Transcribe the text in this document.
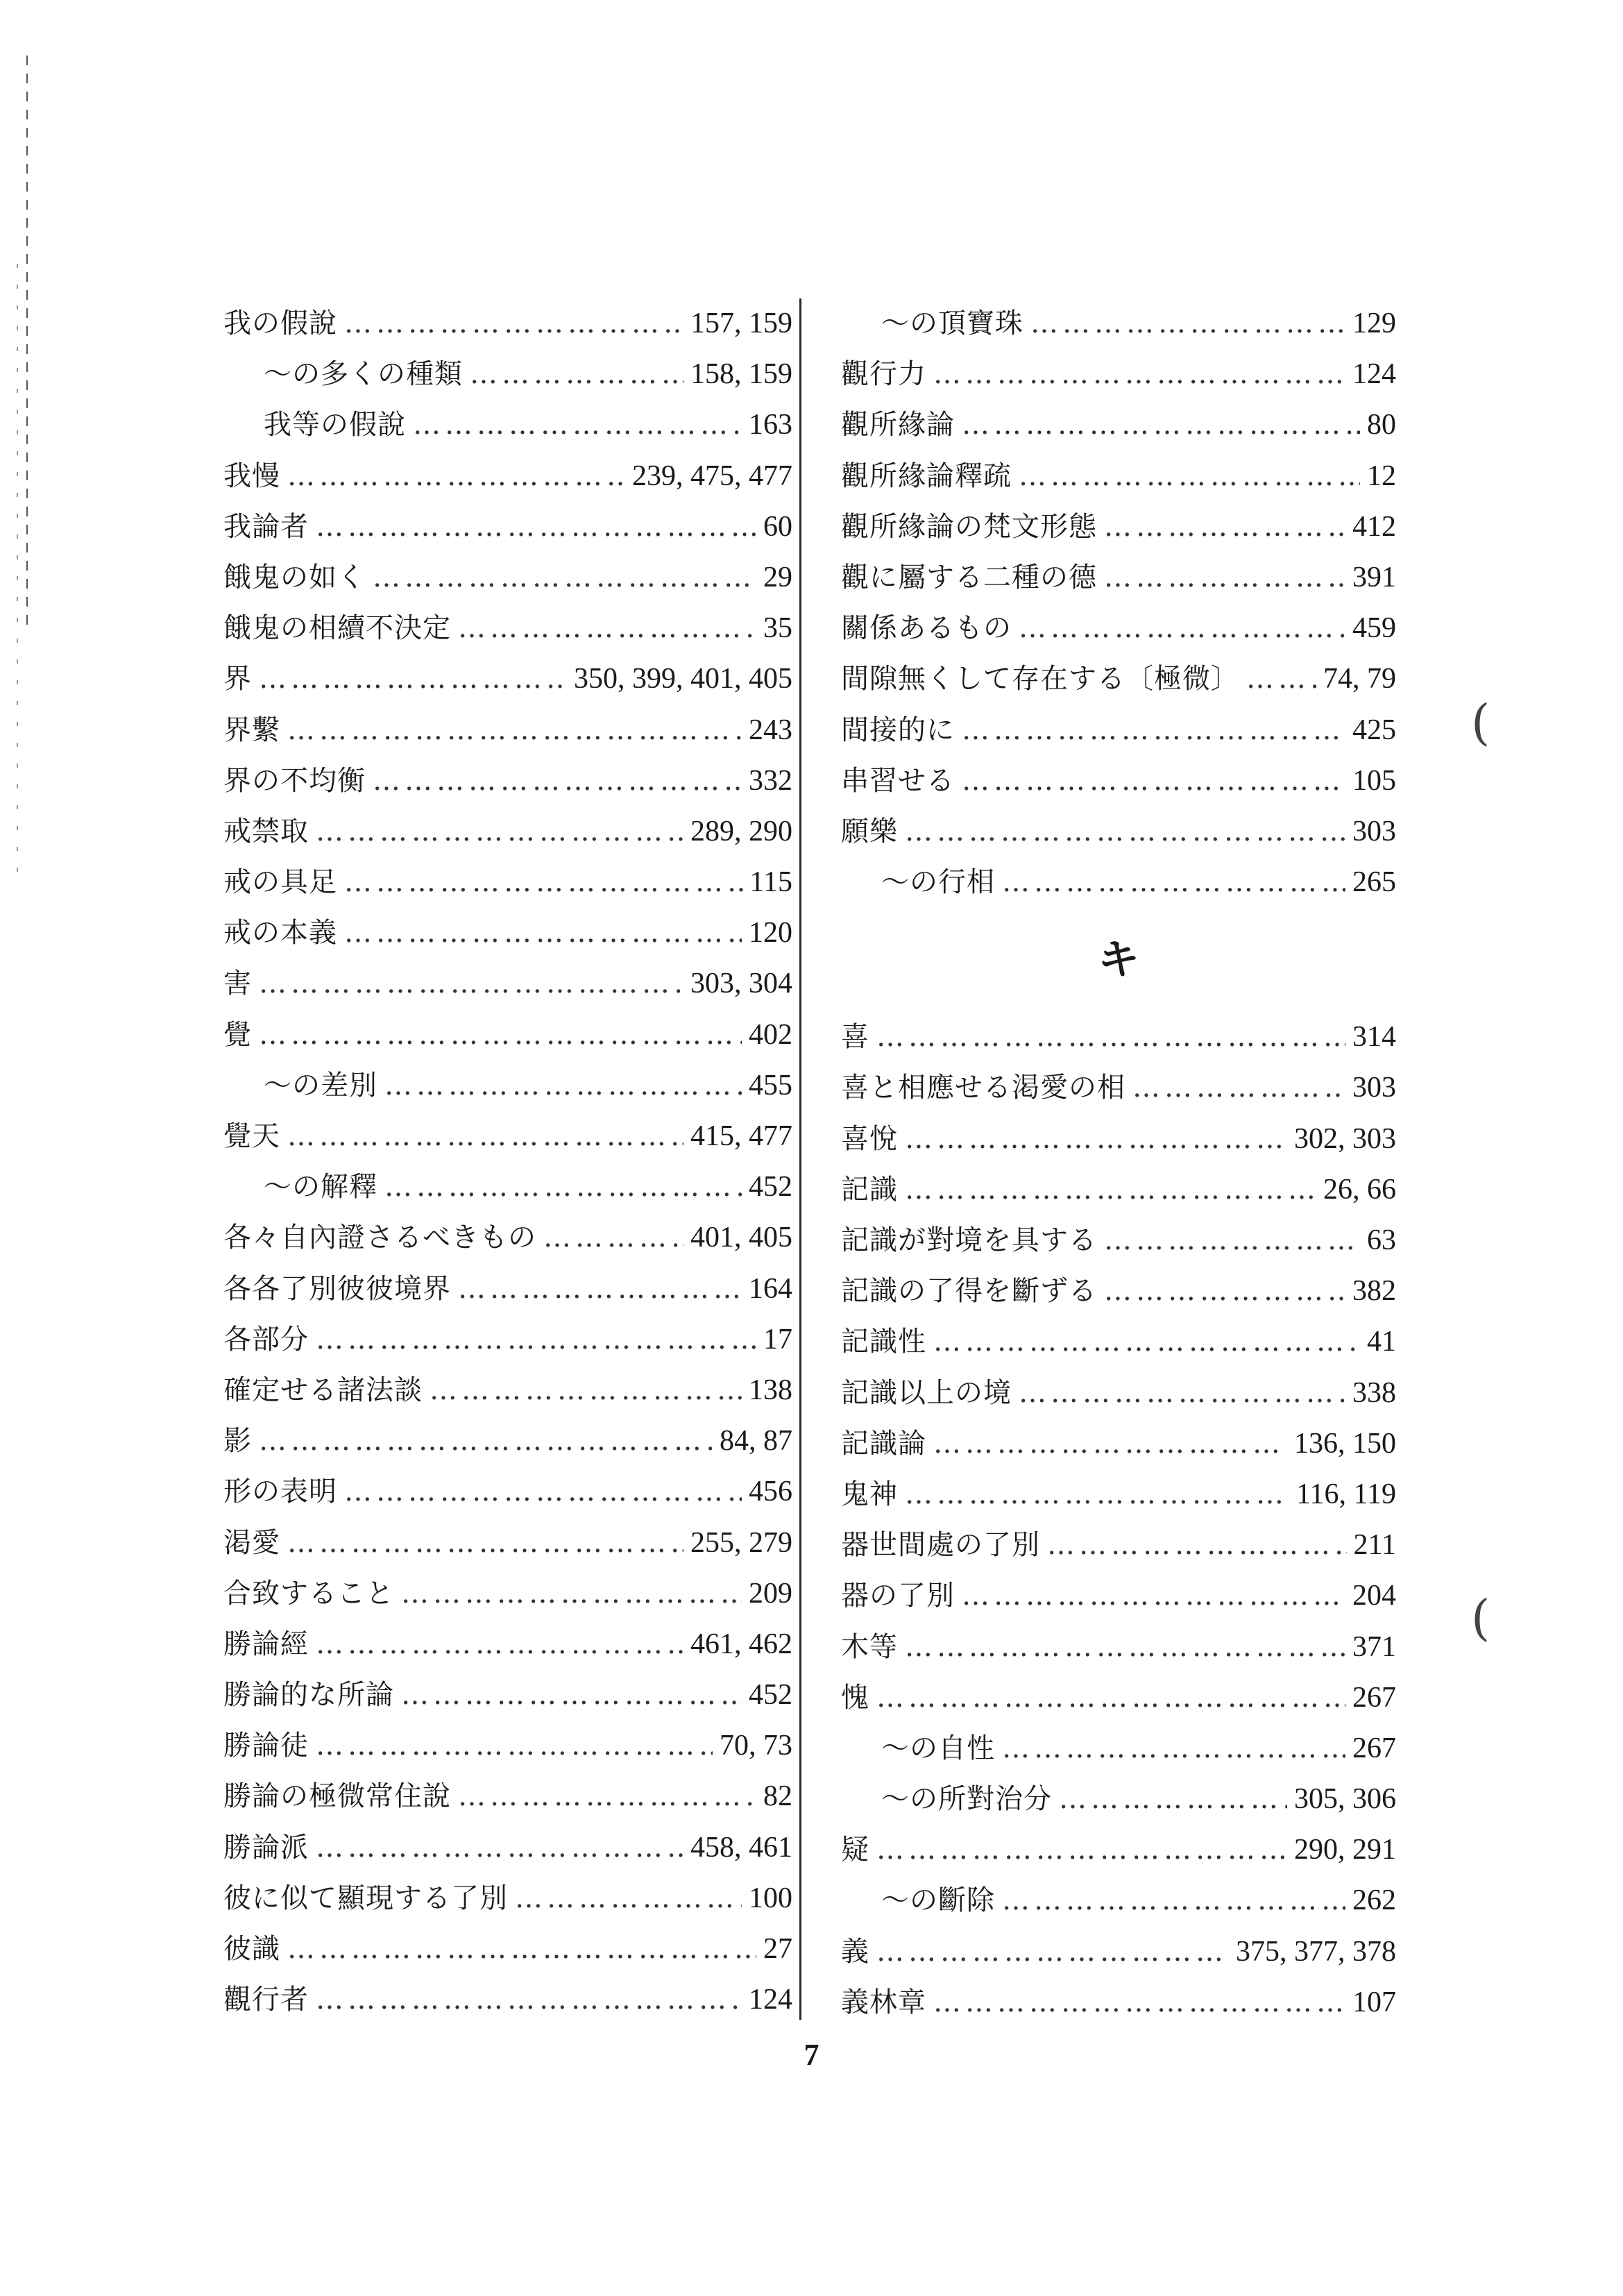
我の假說 ………………………………………………………………………………………………………………………………	157, 159
〜の多くの種類 ………………………………………………………………………………………………………………………………	158, 159
我等の假說 ………………………………………………………………………………………………………………………………	163
我慢 ………………………………………………………………………………………………………………………………	239, 475, 477
我論者 ………………………………………………………………………………………………………………………………	60
餓鬼の如く ………………………………………………………………………………………………………………………………	29
餓鬼の相續不決定 ………………………………………………………………………………………………………………………………	35
界 ………………………………………………………………………………………………………………………………	350, 399, 401, 405
界繫 ………………………………………………………………………………………………………………………………	243
界の不均衡 ………………………………………………………………………………………………………………………………	332
戒禁取 ………………………………………………………………………………………………………………………………	289, 290
戒の具足 ………………………………………………………………………………………………………………………………	115
戒の本義 ………………………………………………………………………………………………………………………………	120
害 ………………………………………………………………………………………………………………………………	303, 304
覺 ………………………………………………………………………………………………………………………………	402
〜の差別 ………………………………………………………………………………………………………………………………	455
覺天 ………………………………………………………………………………………………………………………………	415, 477
〜の解釋 ………………………………………………………………………………………………………………………………	452
各々自內證さるべきもの ………………………………………………………………………………………………………………………………	401, 405
各各了別彼彼境界 ………………………………………………………………………………………………………………………………	164
各部分 ………………………………………………………………………………………………………………………………	17
確定せる諸法談 ………………………………………………………………………………………………………………………………	138
影 ………………………………………………………………………………………………………………………………	84, 87
形の表明 ………………………………………………………………………………………………………………………………	456
渇愛 ………………………………………………………………………………………………………………………………	255, 279
合致すること ………………………………………………………………………………………………………………………………	209
勝論經 ………………………………………………………………………………………………………………………………	461, 462
勝論的な所論 ………………………………………………………………………………………………………………………………	452
勝論徒 ………………………………………………………………………………………………………………………………	70, 73
勝論の極微常住說 ………………………………………………………………………………………………………………………………	82
勝論派 ………………………………………………………………………………………………………………………………	458, 461
彼に似て顯現する了別 ………………………………………………………………………………………………………………………………	100
彼識 ………………………………………………………………………………………………………………………………	27
觀行者 ………………………………………………………………………………………………………………………………	124
〜の頂寶珠 ………………………………………………………………………………………………………………………………	129
觀行力 ………………………………………………………………………………………………………………………………	124
觀所緣論 ………………………………………………………………………………………………………………………………	80
觀所緣論釋疏 ………………………………………………………………………………………………………………………………	12
觀所緣論の梵文形態 ………………………………………………………………………………………………………………………………	412
觀に屬する二種の德 ………………………………………………………………………………………………………………………………	391
關係あるもの ………………………………………………………………………………………………………………………………	459
間隙無くして存在する〔極微〕 ………………………………………………………………………………………………………………………………	74, 79
間接的に ………………………………………………………………………………………………………………………………	425
串習せる ………………………………………………………………………………………………………………………………	105
願樂 ………………………………………………………………………………………………………………………………	303
〜の行相 ………………………………………………………………………………………………………………………………	265
キ
喜 ………………………………………………………………………………………………………………………………	314
喜と相應せる渇愛の相 ………………………………………………………………………………………………………………………………	303
喜悅 ………………………………………………………………………………………………………………………………	302, 303
記識 ………………………………………………………………………………………………………………………………	26, 66
記識が對境を具する ………………………………………………………………………………………………………………………………	63
記識の了得を斷ずる ………………………………………………………………………………………………………………………………	382
記識性 ………………………………………………………………………………………………………………………………	41
記識以上の境 ………………………………………………………………………………………………………………………………	338
記識論 ………………………………………………………………………………………………………………………………	136, 150
鬼神 ………………………………………………………………………………………………………………………………	116, 119
器世間處の了別 ………………………………………………………………………………………………………………………………	211
器の了別 ………………………………………………………………………………………………………………………………	204
木等 ………………………………………………………………………………………………………………………………	371
愧 ………………………………………………………………………………………………………………………………	267
〜の自性 ………………………………………………………………………………………………………………………………	267
〜の所對治分 ………………………………………………………………………………………………………………………………	305, 306
疑 ………………………………………………………………………………………………………………………………	290, 291
〜の斷除 ………………………………………………………………………………………………………………………………	262
義 ………………………………………………………………………………………………………………………………	375, 377, 378
義林章 ………………………………………………………………………………………………………………………………	107
(
(
7
